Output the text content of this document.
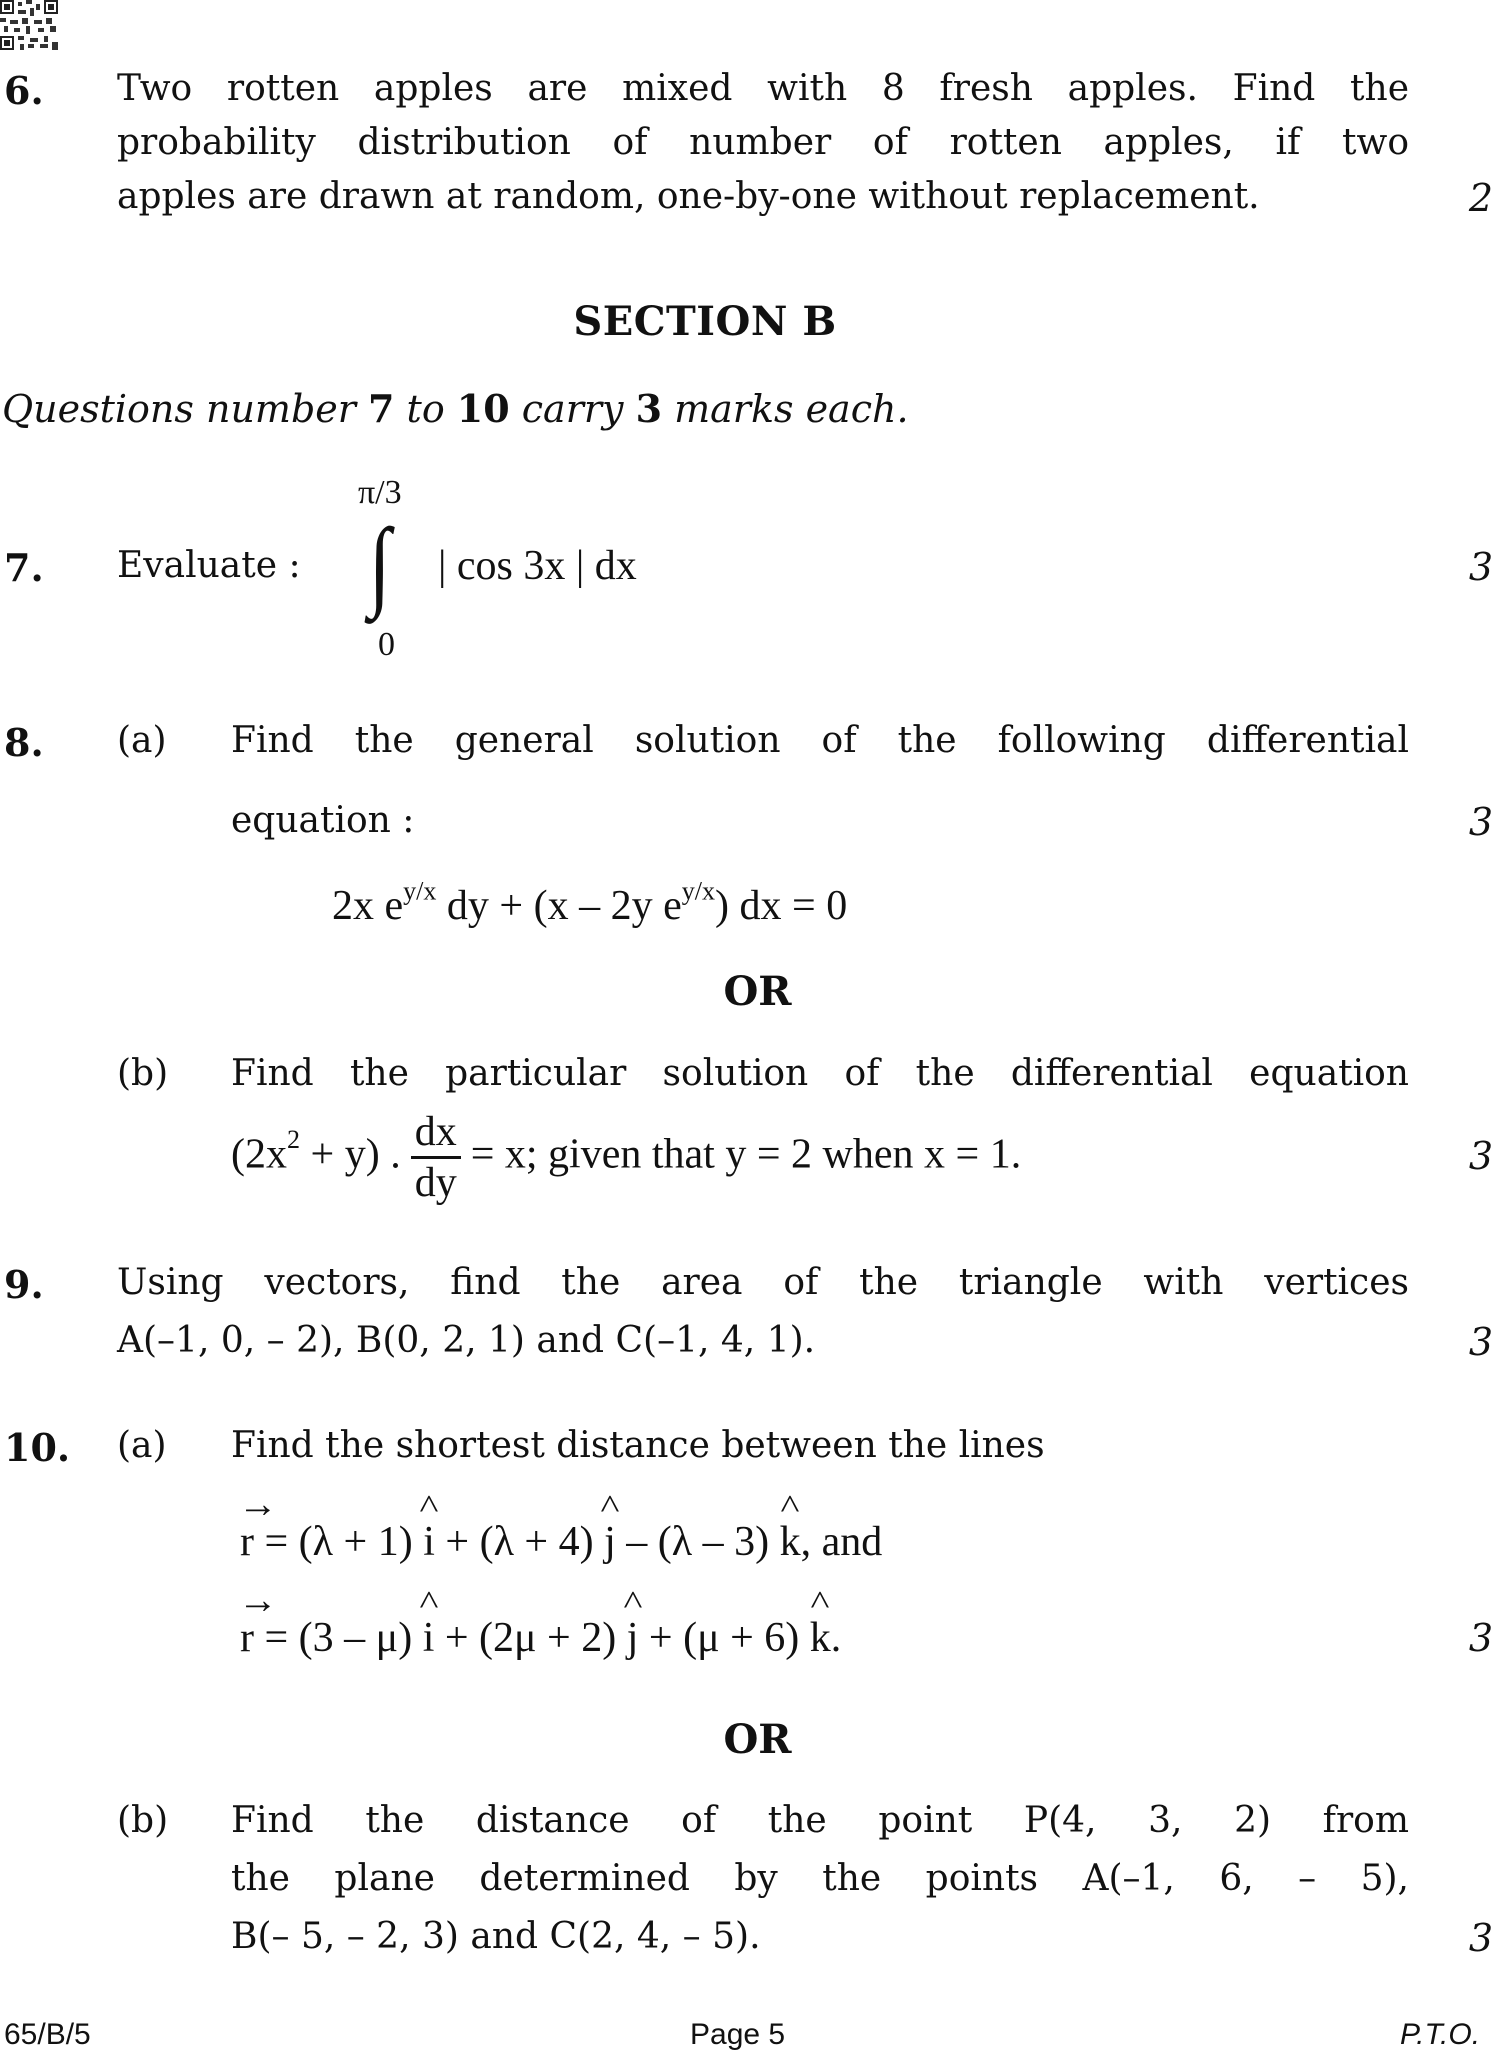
6. Two rotten apples are mixed with 8 fresh apples. Find the
probability distribution of number of rotten apples, if two
apples are drawn at random, one-by-one without replacement.	2
SECTION B
Questions number 7 to 10 carry 3 marks each.
7. Evaluate :
π/3
∫
0
| cos 3x | dx	3
8. (a) Find the general solution of the following differential
equation :	3
2x $e^{y/x}$ dy + (x – 2y $e^{y/x}$) dx = 0
OR
(b) Find the particular solution of the differential equation
$(2x^2 + y)$ . $\frac{dx}{dy} = x$; given that y = 2 when x = 1.	3
9. Using vectors, find the area of the triangle with vertices
A(–1, 0, – 2), B(0, 2, 1) and C(–1, 4, 1).	3
10. (a) Find the shortest distance between the lines
→ r = (λ + 1) ^ i + (λ + 4) ^ j – (λ – 3) ^ k, and
→ r = (3 – μ) ^ i + (2μ + 2) ^ j + (μ + 6) ^ k.	3
OR
(b) Find the distance of the point P(4, 3, 2) from
the plane determined by the points A(–1, 6, – 5),
B(– 5, – 2, 3) and C(2, 4, – 5).	3
65/B/5	Page 5	P.T.O.
